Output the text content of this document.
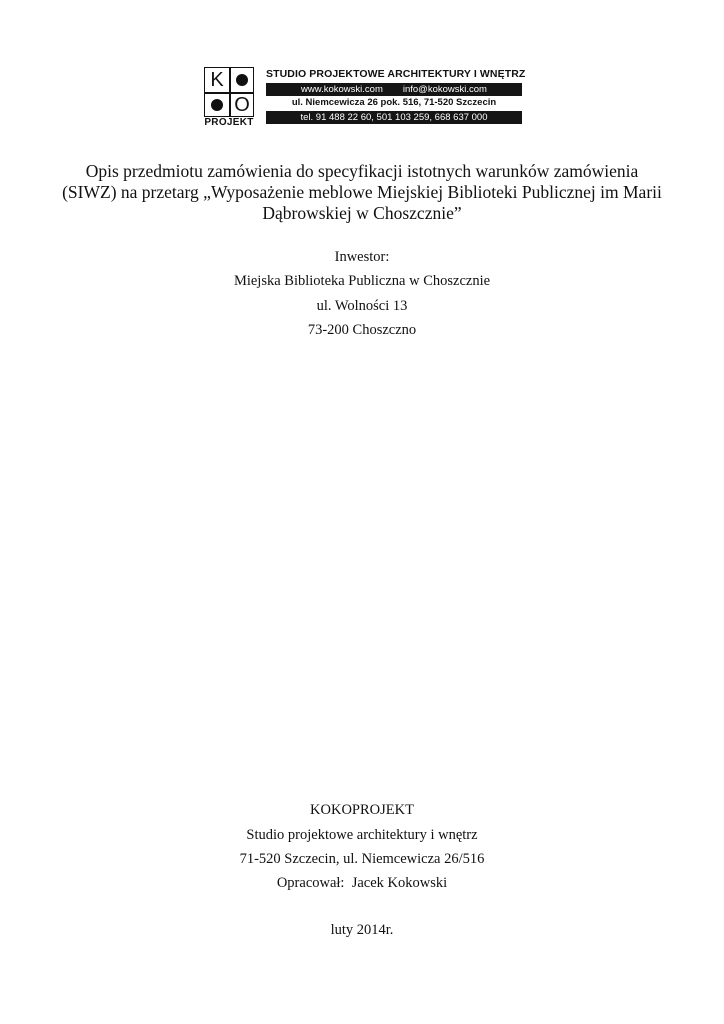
K
O
PROJEKT
STUDIO PROJEKTOWE ARCHITEKTURY I WNĘTRZ
www.kokowski.com info@kokowski.com
ul. Niemcewicza 26 pok. 516, 71-520 Szczecin
tel. 91 488 22 60, 501 103 259, 668 637 000
Opis przedmiotu zamówienia do specyfikacji istotnych warunków zamówienia
(SIWZ) na przetarg „Wyposażenie meblowe Miejskiej Biblioteki Publicznej im Marii
Dąbrowskiej w Choszcznie”
Inwestor:
Miejska Biblioteka Publiczna w Choszcznie
ul. Wolności 13
73-200 Choszczno
KOKOPROJEKT
Studio projektowe architektury i wnętrz
71-520 Szczecin, ul. Niemcewicza 26/516
Opracował:  Jacek Kokowski
luty 2014r.
